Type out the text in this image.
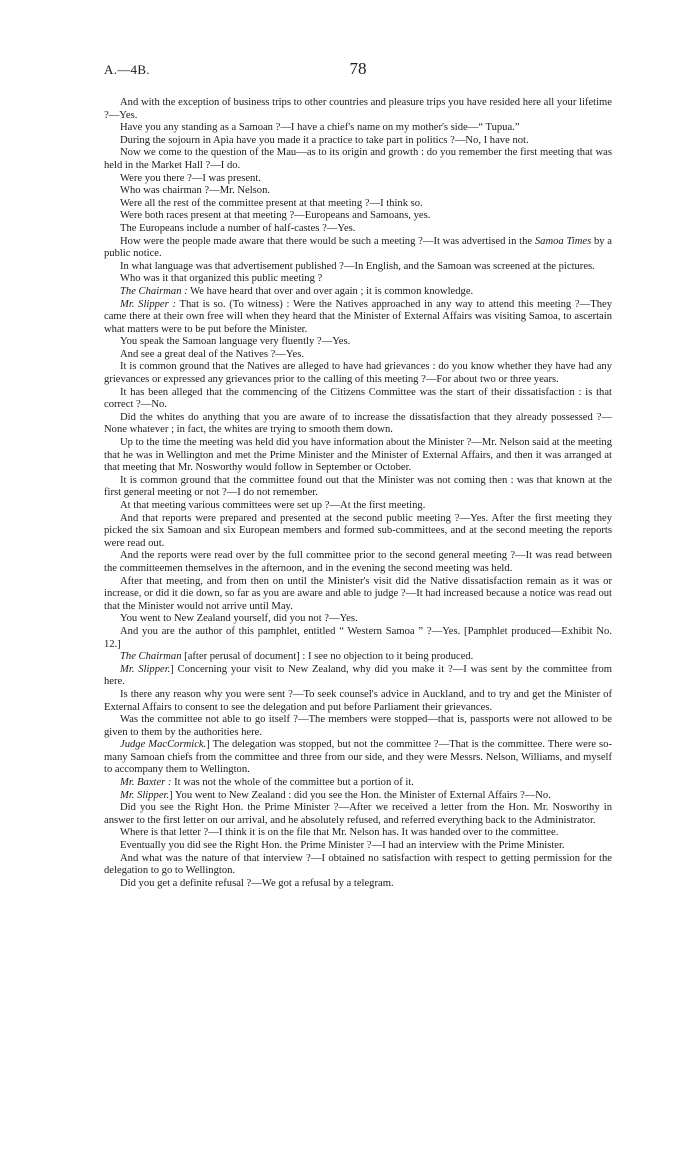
A.—4B.	78

And with the exception of business trips to other countries and pleasure trips you have resided here all your lifetime ?—Yes.

Have you any standing as a Samoan ?—I have a chief's name on my mother's side—“ Tupua.”

During the sojourn in Apia have you made it a practice to take part in politics ?—No, I have not.

Now we come to the question of the Mau—as to its origin and growth : do you remember the first meeting that was held in the Market Hall ?—I do.

Were you there ?—I was present.

Who was chairman ?—Mr. Nelson.

Were all the rest of the committee present at that meeting ?—I think so.

Were both races present at that meeting ?—Europeans and Samoans, yes.

The Europeans include a number of half-castes ?—Yes.

How were the people made aware that there would be such a meeting ?—It was advertised in the Samoa Times by a public notice.

In what language was that advertisement published ?—In English, and the Samoan was screened at the pictures.

Who was it that organized this public meeting ?

The Chairman : We have heard that over and over again ; it is common knowledge.

Mr. Slipper : That is so. (To witness) : Were the Natives approached in any way to attend this meeting ?—They came there at their own free will when they heard that the Minister of External Affairs was visiting Samoa, to ascertain what matters were to be put before the Minister.

You speak the Samoan language very fluently ?—Yes.

And see a great deal of the Natives ?—Yes.

It is common ground that the Natives are alleged to have had grievances : do you know whether they have had any grievances or expressed any grievances prior to the calling of this meeting ?—For about two or three years.

It has been alleged that the commencing of the Citizens Committee was the start of their dissatisfaction : is that correct ?—No.

Did the whites do anything that you are aware of to increase the dissatisfaction that they already possessed ?—None whatever ; in fact, the whites are trying to smooth them down.

Up to the time the meeting was held did you have information about the Minister ?—Mr. Nelson said at the meeting that he was in Wellington and met the Prime Minister and the Minister of External Affairs, and then it was arranged at that meeting that Mr. Nosworthy would follow in September or October.

It is common ground that the committee found out that the Minister was not coming then : was that known at the first general meeting or not ?—I do not remember.

At that meeting various committees were set up ?—At the first meeting.

And that reports were prepared and presented at the second public meeting ?—Yes. After the first meeting they picked the six Samoan and six European members and formed sub-committees, and at the second meeting the reports were read out.

And the reports were read over by the full committee prior to the second general meeting ?—It was read between the committeemen themselves in the afternoon, and in the evening the second meeting was held.

After that meeting, and from then on until the Minister's visit did the Native dissatisfaction remain as it was or increase, or did it die down, so far as you are aware and able to judge ?—It had increased because a notice was read out that the Minister would not arrive until May.

You went to New Zealand yourself, did you not ?—Yes.

And you are the author of this pamphlet, entitled “ Western Samoa ” ?—Yes. [Pamphlet produced—Exhibit No. 12.]

The Chairman [after perusal of document] : I see no objection to it being produced.

Mr. Slipper.] Concerning your visit to New Zealand, why did you make it ?—I was sent by the committee from here.

Is there any reason why you were sent ?—To seek counsel's advice in Auckland, and to try and get the Minister of External Affairs to consent to see the delegation and put before Parliament their grievances.

Was the committee not able to go itself ?—The members were stopped—that is, passports were not allowed to be given to them by the authorities here.

Judge MacCormick.] The delegation was stopped, but not the committee ?—That is the committee. There were so-many Samoan chiefs from the committee and three from our side, and they were Messrs. Nelson, Williams, and myself to accompany them to Wellington.

Mr. Baxter : It was not the whole of the committee but a portion of it.

Mr. Slipper.] You went to New Zealand : did you see the Hon. the Minister of External Affairs ?—No.

Did you see the Right Hon. the Prime Minister ?—After we received a letter from the Hon. Mr. Nosworthy in answer to the first letter on our arrival, and he absolutely refused, and referred everything back to the Administrator.

Where is that letter ?—I think it is on the file that Mr. Nelson has. It was handed over to the committee.

Eventually you did see the Right Hon. the Prime Minister ?—I had an interview with the Prime Minister.

And what was the nature of that interview ?—I obtained no satisfaction with respect to getting permission for the delegation to go to Wellington.

Did you get a definite refusal ?—We got a refusal by a telegram.
